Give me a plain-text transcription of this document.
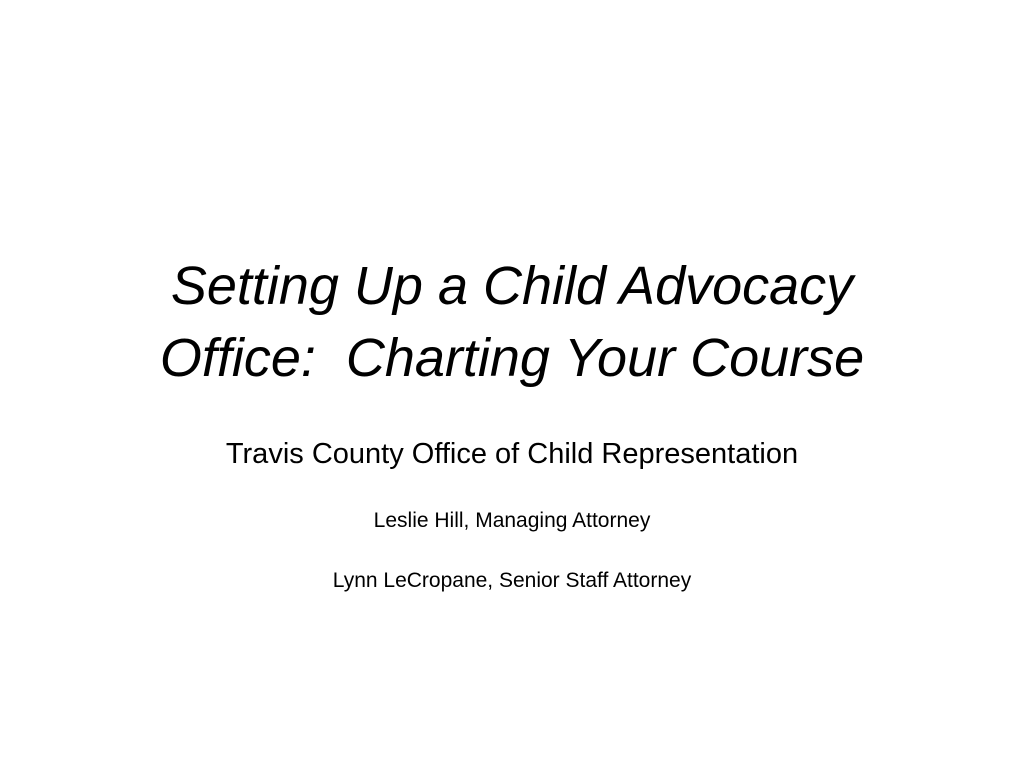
Setting Up a Child Advocacy
Office:  Charting Your Course

Travis County Office of Child Representation

Leslie Hill, Managing Attorney

Lynn LeCropane, Senior Staff Attorney
